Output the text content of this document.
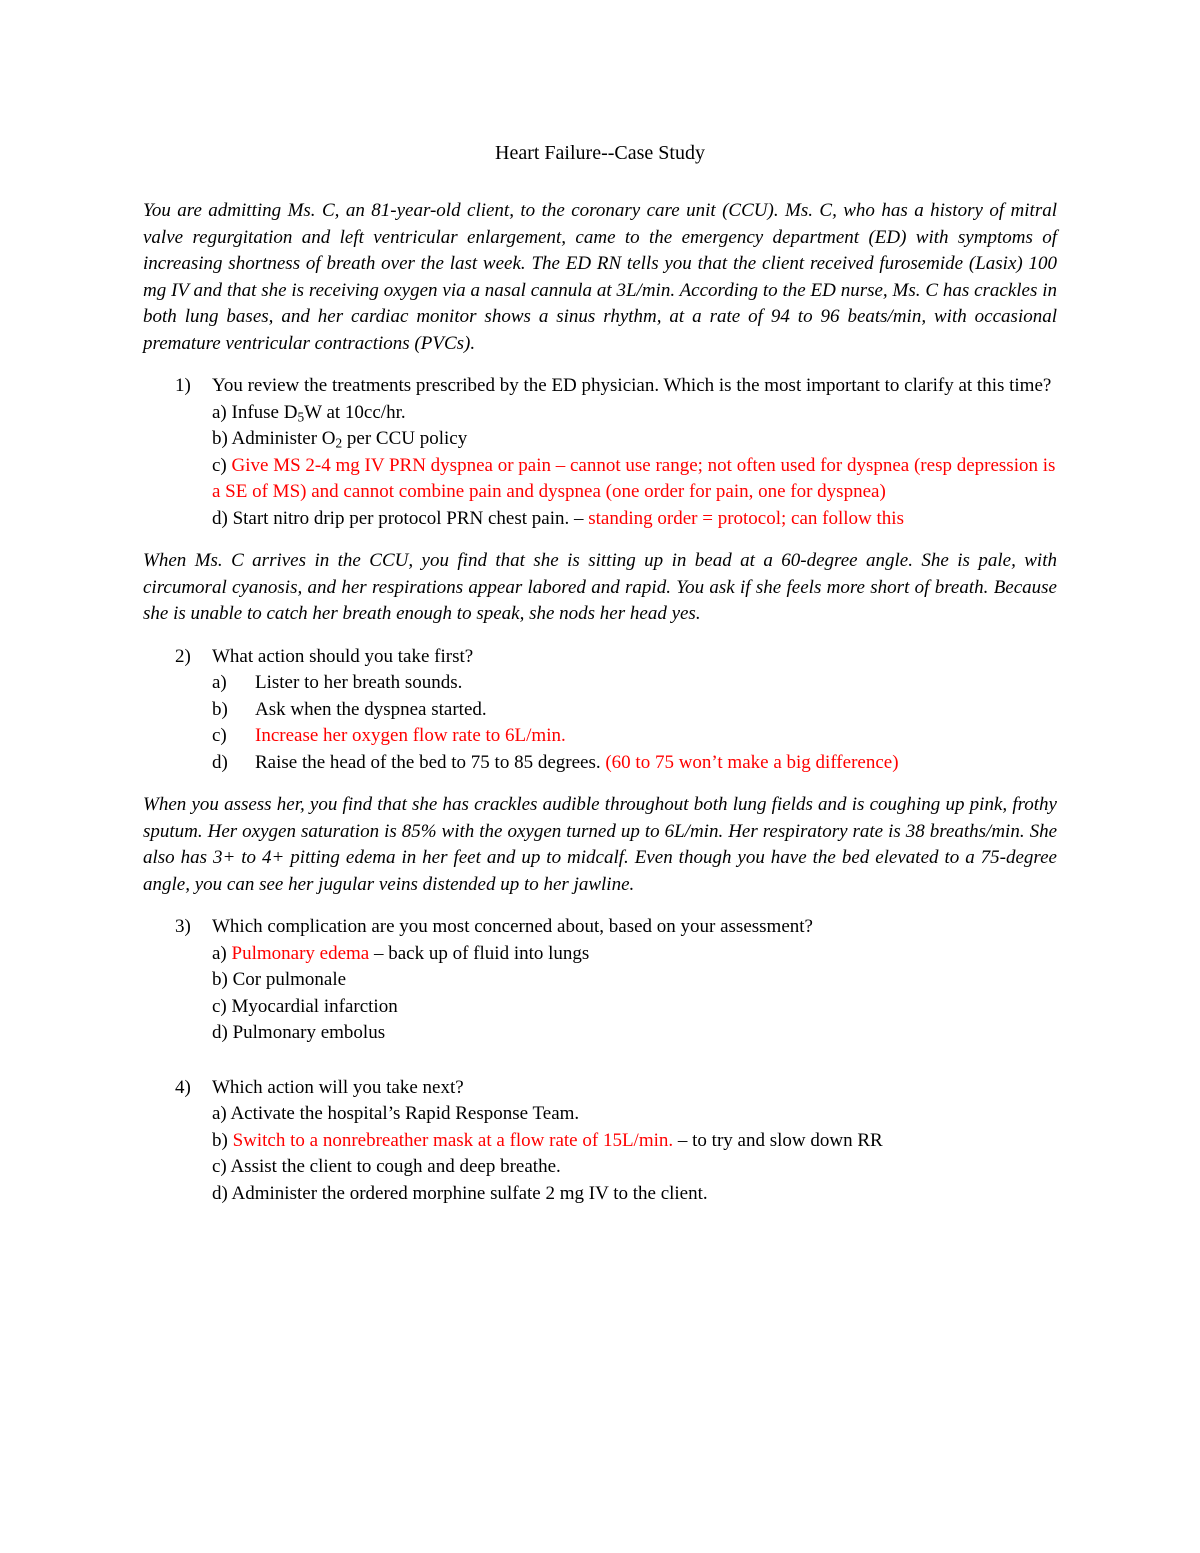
Heart Failure--Case Study

You are admitting Ms. C, an 81-year-old client, to the coronary care unit (CCU). Ms. C, who has a history of mitral valve regurgitation and left ventricular enlargement, came to the emergency department (ED) with symptoms of increasing shortness of breath over the last week. The ED RN tells you that the client received furosemide (Lasix) 100 mg IV and that she is receiving oxygen via a nasal cannula at 3L/min. According to the ED nurse, Ms. C has crackles in both lung bases, and her cardiac monitor shows a sinus rhythm, at a rate of 94 to 96 beats/min, with occasional premature ventricular contractions (PVCs).

1) You review the treatments prescribed by the ED physician. Which is the most important to clarify at this time?
a) Infuse $D_5W$ at 10cc/hr.
b) Administer $O_2$ per CCU policy
c) Give MS 2-4 mg IV PRN dyspnea or pain – cannot use range; not often used for dyspnea (resp depression is a SE of MS) and cannot combine pain and dyspnea (one order for pain, one for dyspnea)
d) Start nitro drip per protocol PRN chest pain. – standing order = protocol; can follow this

When Ms. C arrives in the CCU, you find that she is sitting up in bead at a 60-degree angle. She is pale, with circumoral cyanosis, and her respirations appear labored and rapid. You ask if she feels more short of breath. Because she is unable to catch her breath enough to speak, she nods her head yes.

2) What action should you take first?
a) Lister to her breath sounds.
b) Ask when the dyspnea started.
c) Increase her oxygen flow rate to 6L/min.
d) Raise the head of the bed to 75 to 85 degrees. (60 to 75 won’t make a big difference)

When you assess her, you find that she has crackles audible throughout both lung fields and is coughing up pink, frothy sputum. Her oxygen saturation is 85% with the oxygen turned up to 6L/min. Her respiratory rate is 38 breaths/min. She also has 3+ to 4+ pitting edema in her feet and up to midcalf. Even though you have the bed elevated to a 75-degree angle, you can see her jugular veins distended up to her jawline.

3) Which complication are you most concerned about, based on your assessment?
a) Pulmonary edema – back up of fluid into lungs
b) Cor pulmonale
c) Myocardial infarction
d) Pulmonary embolus
4) Which action will you take next?
a) Activate the hospital’s Rapid Response Team.
b) Switch to a nonrebreather mask at a flow rate of 15L/min. – to try and slow down RR
c) Assist the client to cough and deep breathe.
d) Administer the ordered morphine sulfate 2 mg IV to the client.
